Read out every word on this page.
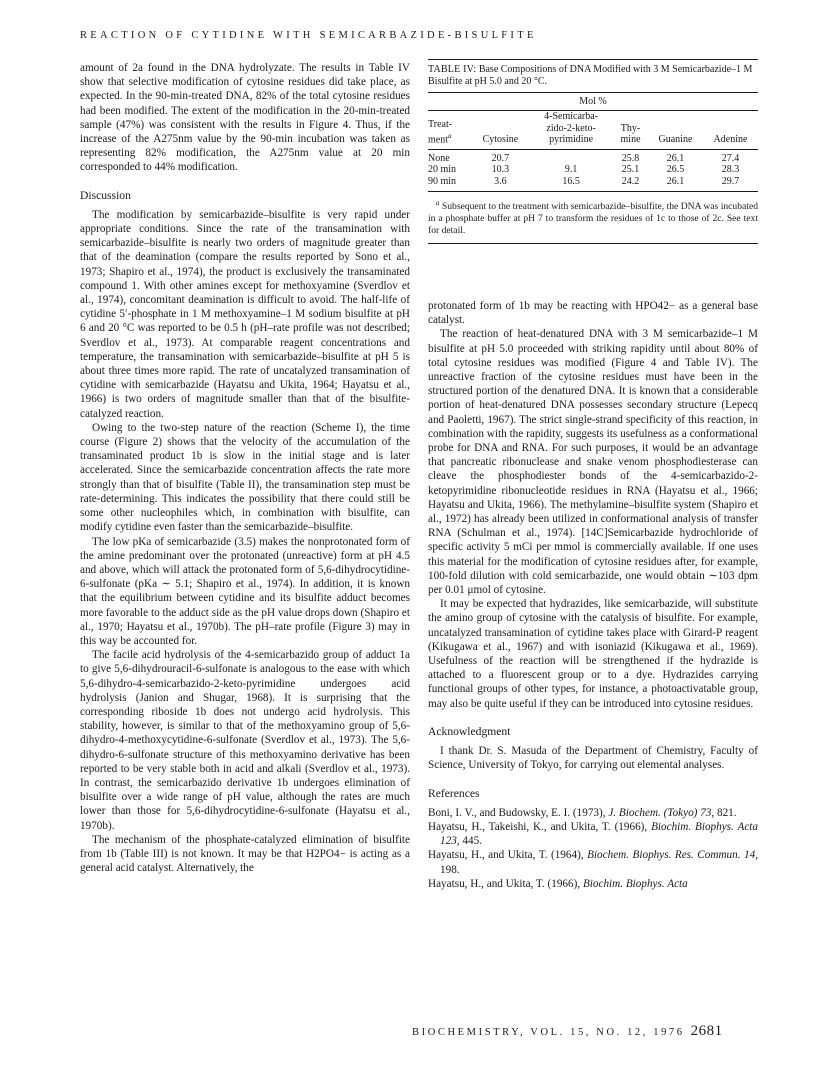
REACTION OF CYTIDINE WITH SEMICARBAZIDE-BISULFITE

amount of 2a found in the DNA hydrolyzate. The results in Table IV show that selective modification of cytosine residues did take place, as expected. In the 90-min-treated DNA, 82% of the total cytosine residues had been modified. The extent of the modification in the 20-min-treated sample (47%) was consistent with the results in Figure 4. Thus, if the increase of the A275nm value by the 90-min incubation was taken as representing 82% modification, the A275nm value at 20 min corresponded to 44% modification.

Discussion

The modification by semicarbazide–bisulfite is very rapid under appropriate conditions. Since the rate of the transamination with semicarbazide–bisulfite is nearly two orders of magnitude greater than that of the deamination (compare the results reported by Sono et al., 1973; Shapiro et al., 1974), the product is exclusively the transaminated compound 1. With other amines except for methoxyamine (Sverdlov et al., 1974), concomitant deamination is difficult to avoid. The half-life of cytidine 5′-phosphate in 1 M methoxyamine–1 M sodium bisulfite at pH 6 and 20 °C was reported to be 0.5 h (pH–rate profile was not described; Sverdlov et al., 1973). At comparable reagent concentrations and temperature, the transamination with semicarbazide–bisulfite at pH 5 is about three times more rapid. The rate of uncatalyzed transamination of cytidine with semicarbazide (Hayatsu and Ukita, 1964; Hayatsu et al., 1966) is two orders of magnitude smaller than that of the bisulfite-catalyzed reaction.

Owing to the two-step nature of the reaction (Scheme I), the time course (Figure 2) shows that the velocity of the accumulation of the transaminated product 1b is slow in the initial stage and is later accelerated. Since the semicarbazide concentration affects the rate more strongly than that of bisulfite (Table II), the transamination step must be rate-determining. This indicates the possibility that there could still be some other nucleophiles which, in combination with bisulfite, can modify cytidine even faster than the semicarbazide–bisulfite.

The low pKa of semicarbazide (3.5) makes the nonprotonated form of the amine predominant over the protonated (unreactive) form at pH 4.5 and above, which will attack the protonated form of 5,6-dihydrocytidine-6-sulfonate (pKa ∼ 5.1; Shapiro et al., 1974). In addition, it is known that the equilibrium between cytidine and its bisulfite adduct becomes more favorable to the adduct side as the pH value drops down (Shapiro et al., 1970; Hayatsu et al., 1970b). The pH–rate profile (Figure 3) may in this way be accounted for.

The facile acid hydrolysis of the 4-semicarbazido group of adduct 1a to give 5,6-dihydrouracil-6-sulfonate is analogous to the ease with which 5,6-dihydro-4-semicarbazido-2-keto-pyrimidine undergoes acid hydrolysis (Janion and Shugar, 1968). It is surprising that the corresponding riboside 1b does not undergo acid hydrolysis. This stability, however, is similar to that of the methoxyamino group of 5,6-dihydro-4-methoxycytidine-6-sulfonate (Sverdlov et al., 1973). The 5,6-dihydro-6-sulfonate structure of this methoxyamino derivative has been reported to be very stable both in acid and alkali (Sverdlov et al., 1973). In contrast, the semicarbazido derivative 1b undergoes elimination of bisulfite over a wide range of pH value, although the rates are much lower than those for 5,6-dihydrocytidine-6-sulfonate (Hayatsu et al., 1970b).

The mechanism of the phosphate-catalyzed elimination of bisulfite from 1b (Table III) is not known. It may be that H2PO4− is acting as a general acid catalyst. Alternatively, the

TABLE IV: Base Compositions of DNA Modified with 3 M Semicarbazide–1 M Bisulfite at pH 5.0 and 20 °C.
Mol %
Treat-
ment$^a$	Cytosine	4-Semicarba-
zido-2-keto-
pyrimidine	Thy-
mine	Guanine	Adenine

None	20.7		25.8	26.1	27.4
20 min	10.3	9.1	25.1	26.5	28.3
90 min	3.6	16.5	24.2	26.1	29.7

$^a$ Subsequent to the treatment with semicarbazide–bisulfite, the DNA was incubated in a phosphate buffer at pH 7 to transform the residues of 1c to those of 2c. See text for detail.

protonated form of 1b may be reacting with HPO42− as a general base catalyst.

The reaction of heat-denatured DNA with 3 M semicarbazide–1 M bisulfite at pH 5.0 proceeded with striking rapidity until about 80% of total cytosine residues was modified (Figure 4 and Table IV). The unreactive fraction of the cytosine residues must have been in the structured portion of the denatured DNA. It is known that a considerable portion of heat-denatured DNA possesses secondary structure (Lepecq and Paoletti, 1967). The strict single-strand specificity of this reaction, in combination with the rapidity, suggests its usefulness as a conformational probe for DNA and RNA. For such purposes, it would be an advantage that pancreatic ribonuclease and snake venom phosphodiesterase can cleave the phosphodiester bonds of the 4-semicarbazido-2-ketopyrimidine ribonucleotide residues in RNA (Hayatsu et al., 1966; Hayatsu and Ukita, 1966). The methylamine–bisulfite system (Shapiro et al., 1972) has already been utilized in conformational analysis of transfer RNA (Schulman et al., 1974). [14C]Semicarbazide hydrochloride of specific activity 5 mCi per mmol is commercially available. If one uses this material for the modification of cytosine residues after, for example, 100-fold dilution with cold semicarbazide, one would obtain ∼103 dpm per 0.01 μmol of cytosine.

It may be expected that hydrazides, like semicarbazide, will substitute the amino group of cytosine with the catalysis of bisulfite. For example, uncatalyzed transamination of cytidine takes place with Girard-P reagent (Kikugawa et al., 1967) and with isoniazid (Kikugawa et al., 1969). Usefulness of the reaction will be strengthened if the hydrazide is attached to a fluorescent group or to a dye. Hydrazides carrying functional groups of other types, for instance, a photoactivatable group, may also be quite useful if they can be introduced into cytosine residues.

Acknowledgment

I thank Dr. S. Masuda of the Department of Chemistry, Faculty of Science, University of Tokyo, for carrying out elemental analyses.

References

Boni, I. V., and Budowsky, E. I. (1973), J. Biochem. (Tokyo) 73, 821.

Hayatsu, H., Takeishi, K., and Ukita, T. (1966), Biochim. Biophys. Acta 123, 445.

Hayatsu, H., and Ukita, T. (1964), Biochem. Biophys. Res. Commun. 14, 198.

Hayatsu, H., and Ukita, T. (1966), Biochim. Biophys. Acta

BIOCHEMISTRY, VOL. 15, NO. 12, 1976 2681
